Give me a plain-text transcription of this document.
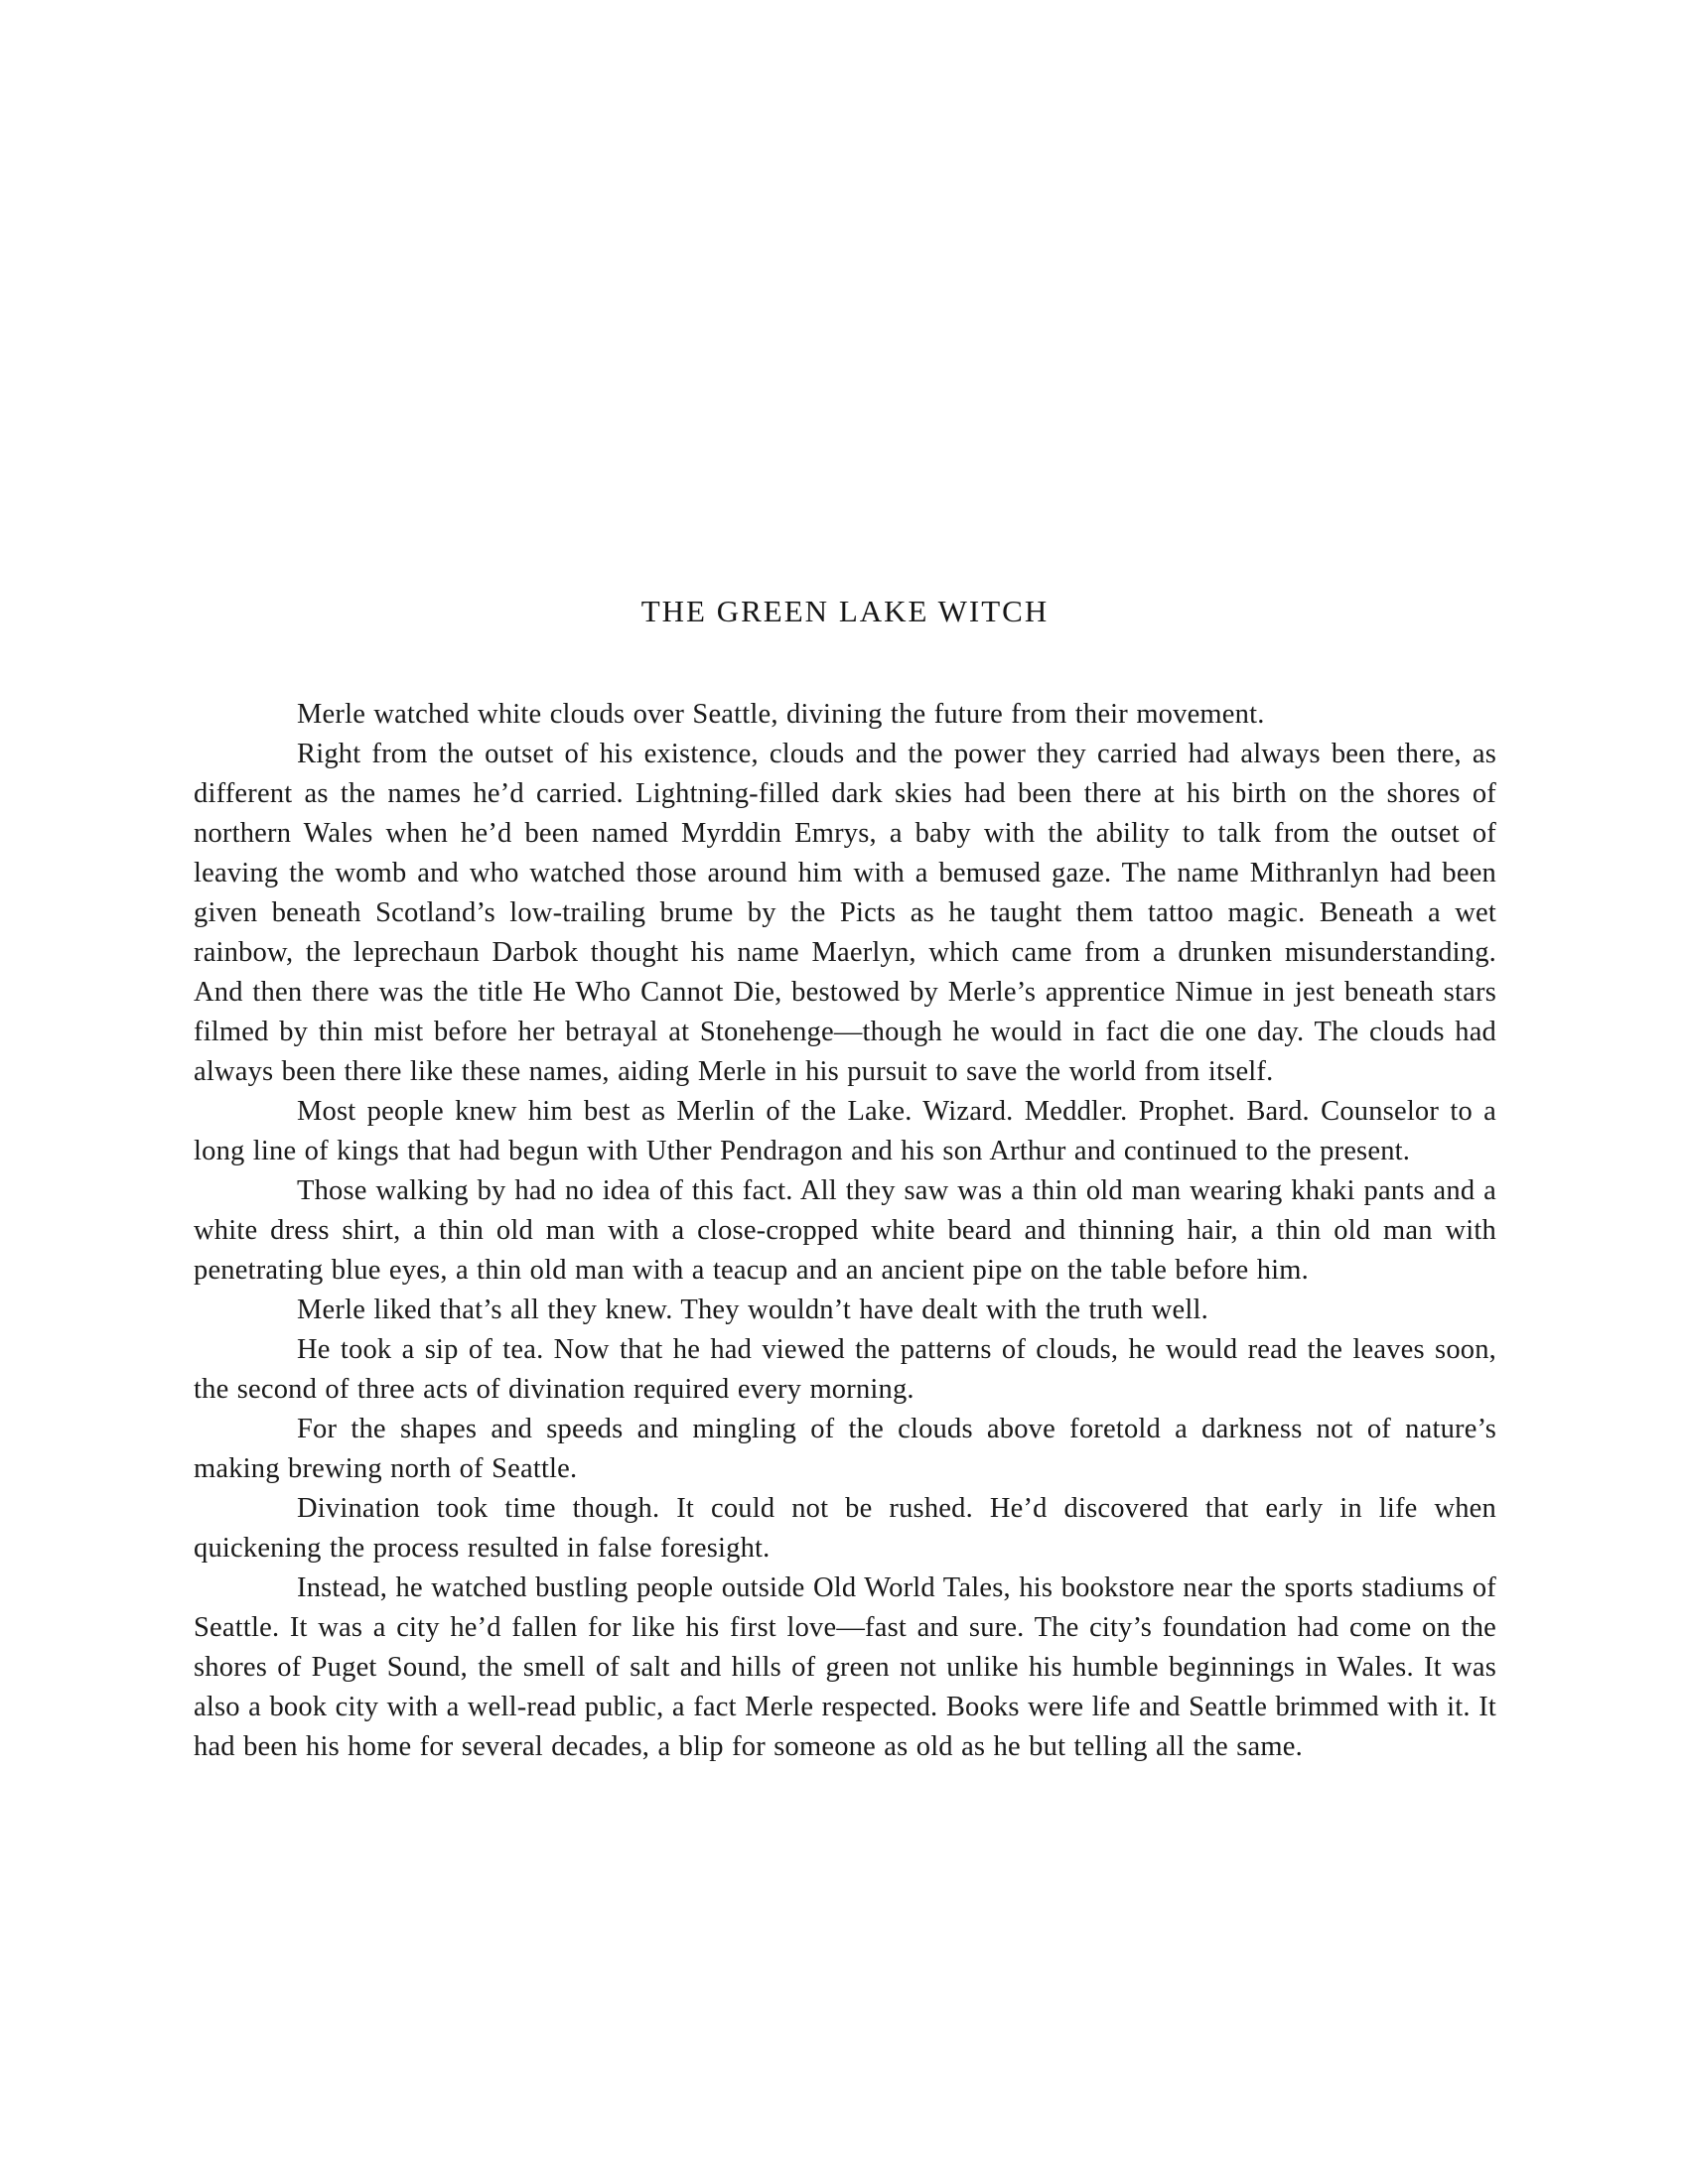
THE GREEN LAKE WITCH

Merle watched white clouds over Seattle, divining the future from their movement.

Right from the outset of his existence, clouds and the power they carried had always been there, as different as the names he’d carried. Lightning-filled dark skies had been there at his birth on the shores of northern Wales when he’d been named Myrddin Emrys, a baby with the ability to talk from the outset of leaving the womb and who watched those around him with a bemused gaze. The name Mithranlyn had been given beneath Scotland’s low-trailing brume by the Picts as he taught them tattoo magic. Beneath a wet rainbow, the leprechaun Darbok thought his name Maerlyn, which came from a drunken misunderstanding. And then there was the title He Who Cannot Die, bestowed by Merle’s apprentice Nimue in jest beneath stars filmed by thin mist before her betrayal at Stonehenge—though he would in fact die one day. The clouds had always been there like these names, aiding Merle in his pursuit to save the world from itself.

Most people knew him best as Merlin of the Lake. Wizard. Meddler. Prophet. Bard. Counselor to a long line of kings that had begun with Uther Pendragon and his son Arthur and continued to the present.

Those walking by had no idea of this fact. All they saw was a thin old man wearing khaki pants and a white dress shirt, a thin old man with a close-cropped white beard and thinning hair, a thin old man with penetrating blue eyes, a thin old man with a teacup and an ancient pipe on the table before him.

Merle liked that’s all they knew. They wouldn’t have dealt with the truth well.

He took a sip of tea. Now that he had viewed the patterns of clouds, he would read the leaves soon, the second of three acts of divination required every morning.

For the shapes and speeds and mingling of the clouds above foretold a darkness not of nature’s making brewing north of Seattle.

Divination took time though. It could not be rushed. He’d discovered that early in life when quickening the process resulted in false foresight.

Instead, he watched bustling people outside Old World Tales, his bookstore near the sports stadiums of Seattle. It was a city he’d fallen for like his first love—fast and sure. The city’s foundation had come on the shores of Puget Sound, the smell of salt and hills of green not unlike his humble beginnings in Wales. It was also a book city with a well-read public, a fact Merle respected. Books were life and Seattle brimmed with it. It had been his home for several decades, a blip for someone as old as he but telling all the same.
